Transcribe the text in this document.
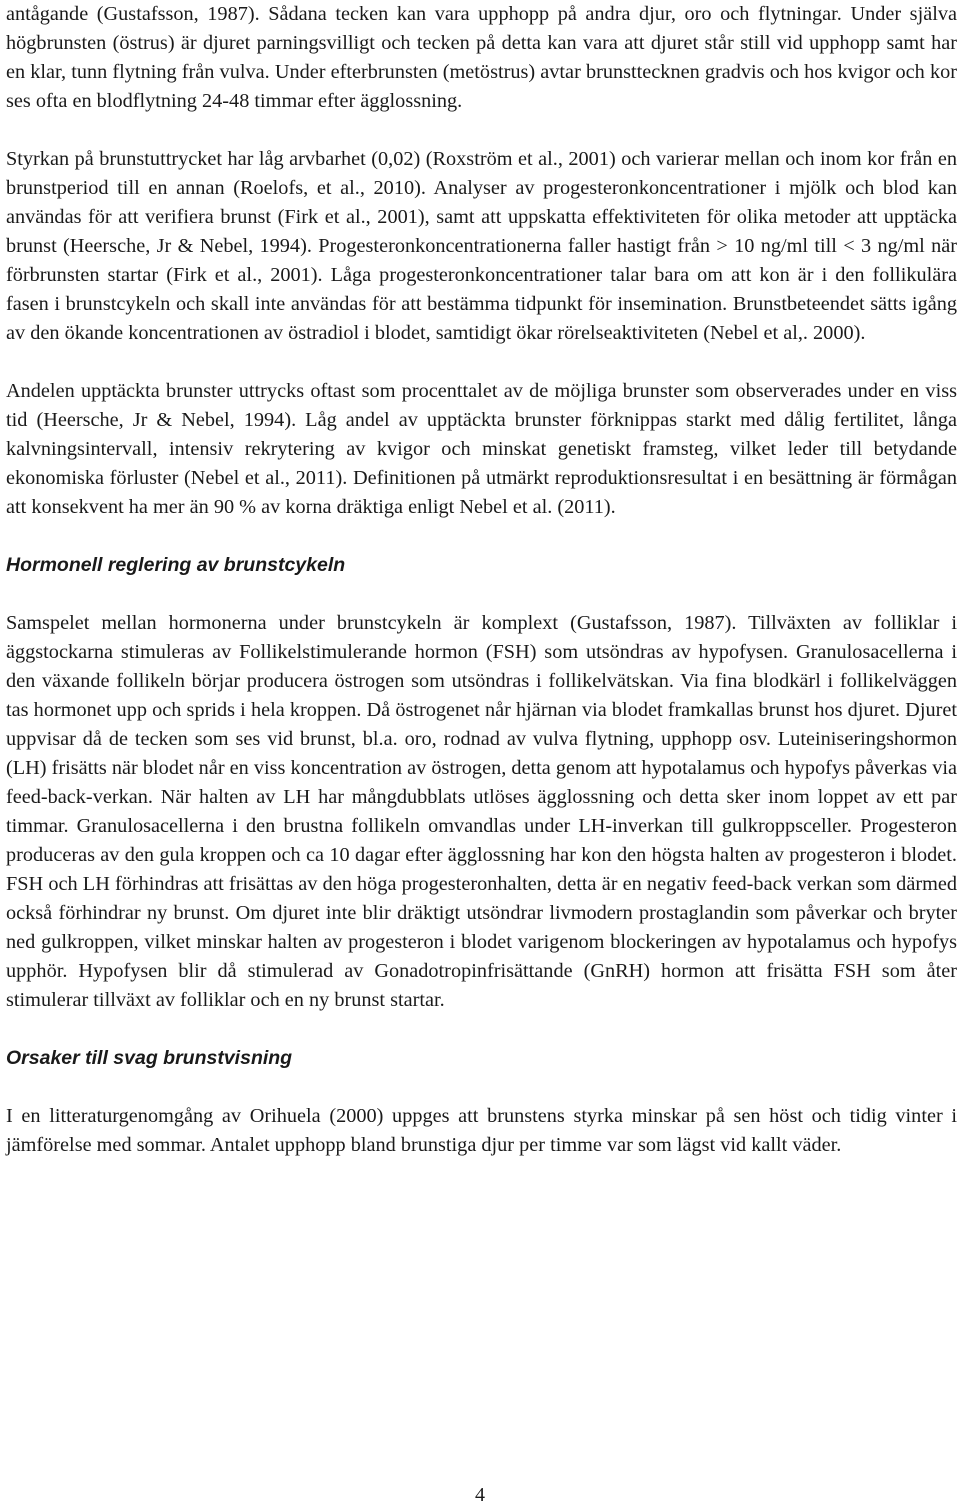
antågande (Gustafsson, 1987). Sådana tecken kan vara upphopp på andra djur, oro och flytningar. Under själva högbrunsten (östrus) är djuret parningsvilligt och tecken på detta kan vara att djuret står still vid upphopp samt har en klar, tunn flytning från vulva. Under efterbrunsten (metöstrus) avtar brunsttecknen gradvis och hos kvigor och kor ses ofta en blodflytning 24-48 timmar efter ägglossning.

Styrkan på brunstuttrycket har låg arvbarhet (0,02) (Roxström et al., 2001) och varierar mellan och inom kor från en brunstperiod till en annan (Roelofs, et al., 2010). Analyser av progesteronkoncentrationer i mjölk och blod kan användas för att verifiera brunst (Firk et al., 2001), samt att uppskatta effektiviteten för olika metoder att upptäcka brunst (Heersche, Jr & Nebel, 1994). Progesteronkoncentrationerna faller hastigt från > 10 ng/ml till < 3 ng/ml när förbrunsten startar (Firk et al., 2001). Låga progesteronkoncentrationer talar bara om att kon är i den follikulära fasen i brunstcykeln och skall inte användas för att bestämma tidpunkt för insemination. Brunstbeteendet sätts igång av den ökande koncentrationen av östradiol i blodet, samtidigt ökar rörelseaktiviteten (Nebel et al,. 2000).

Andelen upptäckta brunster uttrycks oftast som procenttalet av de möjliga brunster som observerades under en viss tid (Heersche, Jr & Nebel, 1994). Låg andel av upptäckta brunster förknippas starkt med dålig fertilitet, långa kalvningsintervall, intensiv rekrytering av kvigor och minskat genetiskt framsteg, vilket leder till betydande ekonomiska förluster (Nebel et al., 2011). Definitionen på utmärkt reproduktionsresultat i en besättning är förmågan att konsekvent ha mer än 90 % av korna dräktiga enligt Nebel et al. (2011).

Hormonell reglering av brunstcykeln

Samspelet mellan hormonerna under brunstcykeln är komplext (Gustafsson, 1987). Tillväxten av folliklar i äggstockarna stimuleras av Follikelstimulerande hormon (FSH) som utsöndras av hypofysen. Granulosacellerna i den växande follikeln börjar producera östrogen som utsöndras i follikelvätskan. Via fina blodkärl i follikelväggen tas hormonet upp och sprids i hela kroppen. Då östrogenet når hjärnan via blodet framkallas brunst hos djuret. Djuret uppvisar då de tecken som ses vid brunst, bl.a. oro, rodnad av vulva flytning, upphopp osv. Luteiniseringshormon (LH) frisätts när blodet når en viss koncentration av östrogen, detta genom att hypotalamus och hypofys påverkas via feed-back-verkan. När halten av LH har mångdubblats utlöses ägglossning och detta sker inom loppet av ett par timmar. Granulosacellerna i den brustna follikeln omvandlas under LH-inverkan till gulkroppsceller. Progesteron produceras av den gula kroppen och ca 10 dagar efter ägglossning har kon den högsta halten av progesteron i blodet. FSH och LH förhindras att frisättas av den höga progesteronhalten, detta är en negativ feed-back verkan som därmed också förhindrar ny brunst. Om djuret inte blir dräktigt utsöndrar livmodern prostaglandin som påverkar och bryter ned gulkroppen, vilket minskar halten av progesteron i blodet varigenom blockeringen av hypotalamus och hypofys upphör. Hypofysen blir då stimulerad av Gonadotropinfrisättande (GnRH) hormon att frisätta FSH som åter stimulerar tillväxt av folliklar och en ny brunst startar.

Orsaker till svag brunstvisning

I en litteraturgenomgång av Orihuela (2000) uppges att brunstens styrka minskar på sen höst och tidig vinter i jämförelse med sommar. Antalet upphopp bland brunstiga djur per timme var som lägst vid kallt väder.

4
